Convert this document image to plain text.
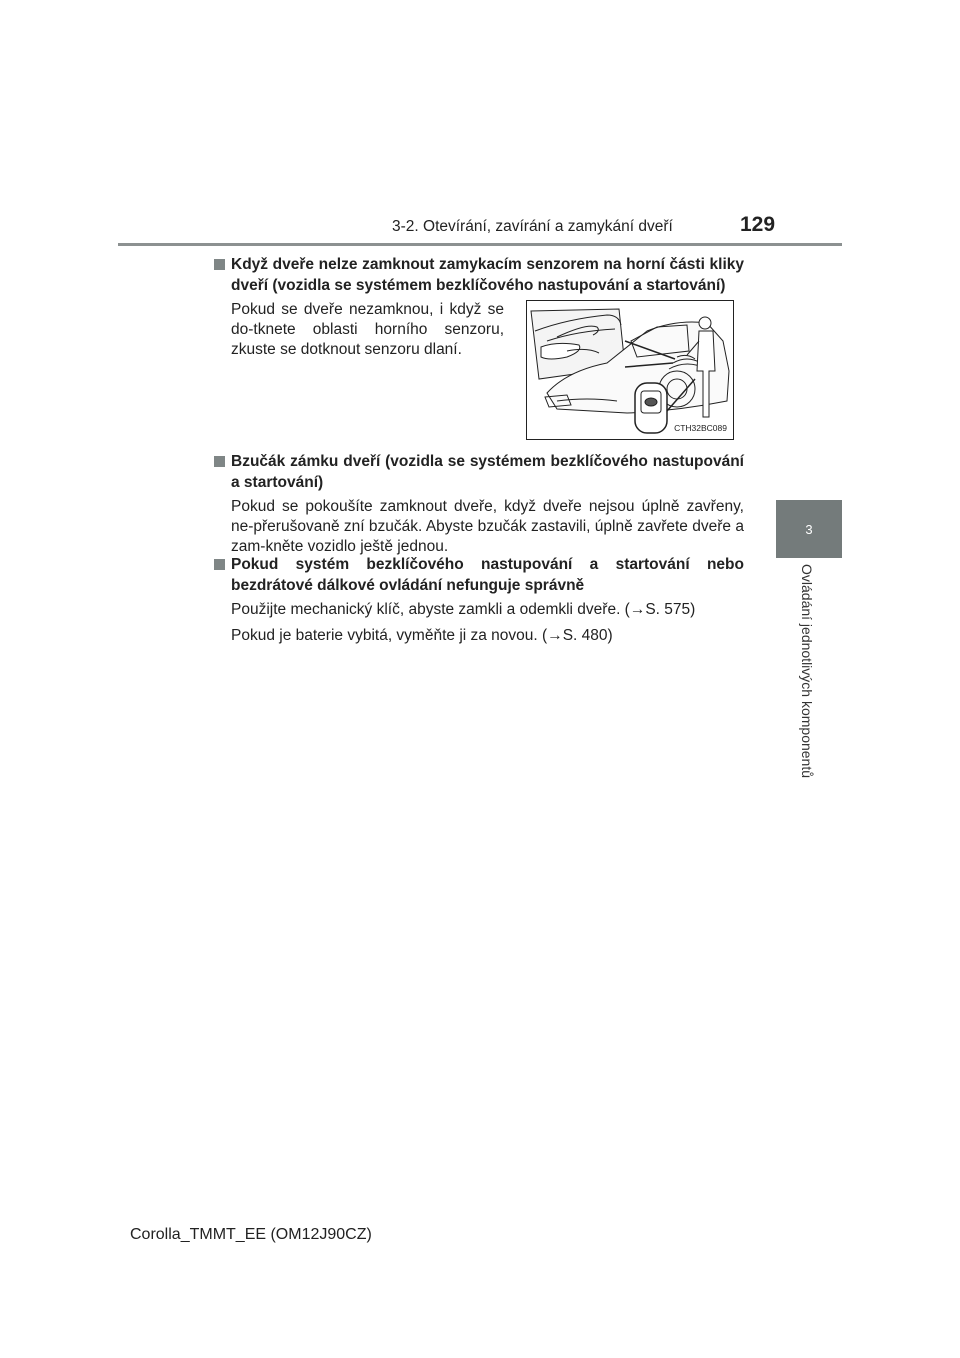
3-2. Otevírání, zavírání a zamykání dveří	129
3
Ovládání jednotlivých komponentů
Když dveře nelze zamknout zamykacím senzorem na horní části kliky dveří (vozidla se systémem bezklíčového nastupování a startování)
Pokud se dveře nezamknou, i když se do-tknete oblasti horního senzoru, zkuste se dotknout senzoru dlaní.
CTH32BC089
Bzučák zámku dveří (vozidla se systémem bezklíčového nastupování a startování)
Pokud se pokoušíte zamknout dveře, když dveře nejsou úplně zavřeny, ne-přerušovaně zní bzučák. Abyste bzučák zastavili, úplně zavřete dveře a zam-kněte vozidlo ještě jednou.
Pokud systém bezklíčového nastupování a startování nebo bezdrátové dálkové ovládání nefunguje správně
Použijte mechanický klíč, abyste zamkli a odemkli dveře. (→S. 575)
Pokud je baterie vybitá, vyměňte ji za novou. (→S. 480)
Corolla_TMMT_EE (OM12J90CZ)
